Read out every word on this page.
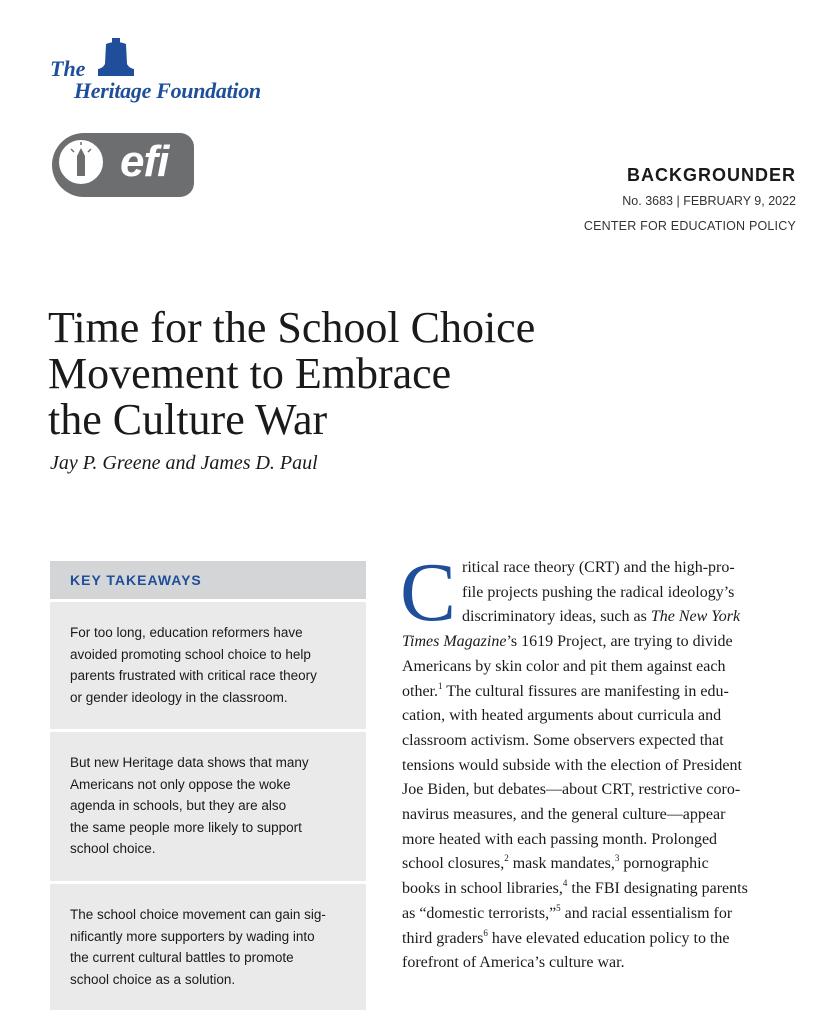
The
Heritage Foundation
efi	BACKGROUNDER
No. 3683 | FEBRUARY 9, 2022
CENTER FOR EDUCATION POLICY
Time for the School Choice
Movement to Embrace
the Culture War
Jay P. Greene and James D. Paul
KEY TAKEAWAYS
For too long, education reformers have
avoided promoting school choice to help
parents frustrated with critical race theory
or gender ideology in the classroom.
But new Heritage data shows that many
Americans not only oppose the woke
agenda in schools, but they are also
the same people more likely to support
school choice.
The school choice movement can gain sig-
nificantly more supporters by wading into
the current cultural battles to promote
school choice as a solution.
C ritical race theory (CRT) and the high-pro-
file projects pushing the radical ideology’s
discriminatory ideas, such as The New York
Times Magazine’s 1619 Project, are trying to divide
Americans by skin color and pit them against each
other.$^1$ The cultural fissures are manifesting in edu-
cation, with heated arguments about curricula and
classroom activism. Some observers expected that
tensions would subside with the election of President
Joe Biden, but debates—about CRT, restrictive coro-
navirus measures, and the general culture—appear
more heated with each passing month. Prolonged
school closures,$^2$ mask mandates,$^3$ pornographic
books in school libraries,$^4$ the FBI designating parents
as “domestic terrorists,”$^5$ and racial essentialism for
third graders$^6$ have elevated education policy to the
forefront of America’s culture war.
